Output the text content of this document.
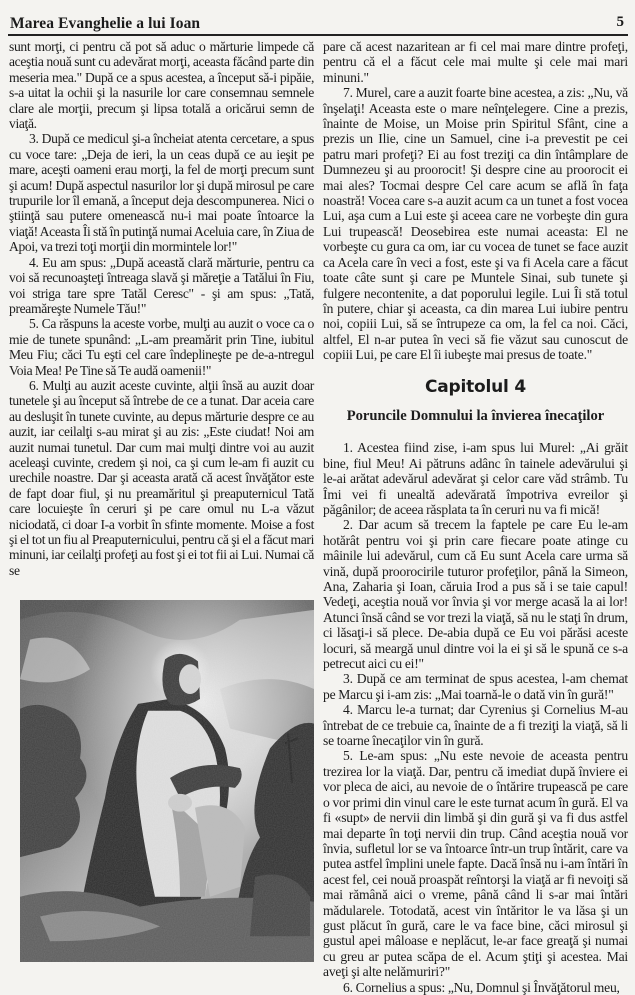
Marea Evanghelie a lui Ioan	5

sunt morţi, ci pentru că pot să aduc o mărturie limpede că aceştia nouă sunt cu adevărat morţi, aceasta făcând parte din meseria mea." După ce a spus acestea, a început să-i pipăie, s-a uitat la ochii şi la nasurile lor care consemnau semnele clare ale morţii, precum şi lipsa totală a oricărui semn de viaţă.

3. După ce medicul şi-a încheiat atenta cercetare, a spus cu voce tare: „Deja de ieri, la un ceas după ce au ieşit pe mare, aceşti oameni erau morţi, la fel de morţi precum sunt şi acum! După aspectul nasurilor lor şi după mirosul pe care trupurile lor îl emană, a început deja descompunerea. Nici o ştiinţă sau putere omenească nu-i mai poate întoarce la viaţă! Aceasta Îi stă în putinţă numai Aceluia care, în Ziua de Apoi, va trezi toţi morţii din mormintele lor!"

4. Eu am spus: „După această clară mărturie, pentru ca voi să recunoaşteţi întreaga slavă şi măreţie a Tatălui în Fiu, voi striga tare spre Tatăl Ceresc" - şi am spus: „Tată, preamăreşte Numele Tău!"

5. Ca răspuns la aceste vorbe, mulţi au auzit o voce ca o mie de tunete spunând: „L-am preamărit prin Tine, iubitul Meu Fiu; căci Tu eşti cel care îndeplineşte pe de-a-ntregul Voia Mea! Pe Tine să Te audă oamenii!"

6. Mulţi au auzit aceste cuvinte, alţii însă au auzit doar tunetele şi au început să întrebe de ce a tunat. Dar aceia care au desluşit în tunete cuvinte, au depus mărturie despre ce au auzit, iar ceilalţi s-au mirat şi au zis: „Este ciudat! Noi am auzit numai tunetul. Dar cum mai mulţi dintre voi au auzit aceleaşi cuvinte, credem şi noi, ca şi cum le-am fi auzit cu urechile noastre. Dar şi aceasta arată că acest învăţător este de fapt doar fiul, şi nu preamăritul şi preaputernicul Tată care locuieşte în ceruri şi pe care omul nu L-a văzut niciodată, ci doar I-a vorbit în sfinte momente. Moise a fost şi el tot un fiu al Preaputernicului, pentru că şi el a făcut mari minuni, iar ceilalţi profeţi au fost şi ei tot fii ai Lui. Numai că se

pare că acest nazaritean ar fi cel mai mare dintre profeţi, pentru că el a făcut cele mai multe şi cele mai mari minuni."

7. Murel, care a auzit foarte bine acestea, a zis: „Nu, vă înşelaţi! Aceasta este o mare neînţelegere. Cine a prezis, înainte de Moise, un Moise prin Spiritul Sfânt, cine a prezis un Ilie, cine un Samuel, cine i-a prevestit pe cei patru mari profeţi? Ei au fost treziţi ca din întâmplare de Dumnezeu şi au proorocit! Şi despre cine au proorocit ei mai ales? Tocmai despre Cel care acum se află în faţa noastră! Vocea care s-a auzit acum ca un tunet a fost vocea Lui, aşa cum a Lui este şi aceea care ne vorbeşte din gura Lui trupească! Deosebirea este numai aceasta: El ne vorbeşte cu gura ca om, iar cu vocea de tunet se face auzit ca Acela care în veci a fost, este şi va fi Acela care a făcut toate câte sunt şi care pe Muntele Sinai, sub tunete şi fulgere necontenite, a dat poporului legile. Lui Îi stă totul în putere, chiar şi aceasta, ca din marea Lui iubire pentru noi, copiii Lui, să se întrupeze ca om, la fel ca noi. Căci, altfel, El n-ar putea în veci să fie văzut sau cunoscut de copiii Lui, pe care El îi iubeşte mai presus de toate."

Capitolul 4
Poruncile Domnului la învierea înecaţilor

1. Acestea fiind zise, i-am spus lui Murel: „Ai grăit bine, fiul Meu! Ai pătruns adânc în tainele adevărului şi le-ai arătat adevărul adevărat şi celor care văd strâmb. Tu Îmi vei fi unealtă adevărată împotriva evreilor şi păgânilor; de aceea răsplata ta în ceruri nu va fi mică!

2. Dar acum să trecem la faptele pe care Eu le-am hotărât pentru voi şi prin care fiecare poate atinge cu mâinile lui adevărul, cum că Eu sunt Acela care urma să vină, după proorocirile tuturor profeţilor, până la Simeon, Ana, Zaharia şi Ioan, căruia Irod a pus să i se taie capul! Vedeţi, aceştia nouă vor învia şi vor merge acasă la ai lor! Atunci însă când se vor trezi la viaţă, să nu le staţi în drum, ci lăsaţi-i să plece. De-abia după ce Eu voi părăsi aceste locuri, să meargă unul dintre voi la ei şi să le spună ce s-a petrecut aici cu ei!"

3. După ce am terminat de spus acestea, l-am chemat pe Marcu şi i-am zis: „Mai toarnă-le o dată vin în gură!"

4. Marcu le-a turnat; dar Cyrenius şi Cornelius M-au întrebat de ce trebuie ca, înainte de a fi treziţi la viaţă, să li se toarne înecaţilor vin în gură.

5. Le-am spus: „Nu este nevoie de aceasta pentru trezirea lor la viaţă. Dar, pentru că imediat după înviere ei vor pleca de aici, au nevoie de o întărire trupească pe care o vor primi din vinul care le este turnat acum în gură. El va fi «supt» de nervii din limbă şi din gură şi va fi dus astfel mai departe în toţi nervii din trup. Când aceştia nouă vor învia, sufletul lor se va întoarce într-un trup întărit, care va putea astfel împlini unele fapte. Dacă însă nu i-am întări în acest fel, cei nouă proaspăt reîntorşi la viaţă ar fi nevoiţi să mai rămână aici o vreme, până când li s-ar mai întări mădularele. Totodată, acest vin întăritor le va lăsa şi un gust plăcut în gură, care le va face bine, căci mirosul şi gustul apei mâloase e neplăcut, le-ar face greaţă şi numai cu greu ar putea scăpa de el. Acum ştiţi şi acestea. Mai aveţi şi alte nelămuriri?"

6. Cornelius a spus: „Nu, Domnul şi Învăţătorul meu,
